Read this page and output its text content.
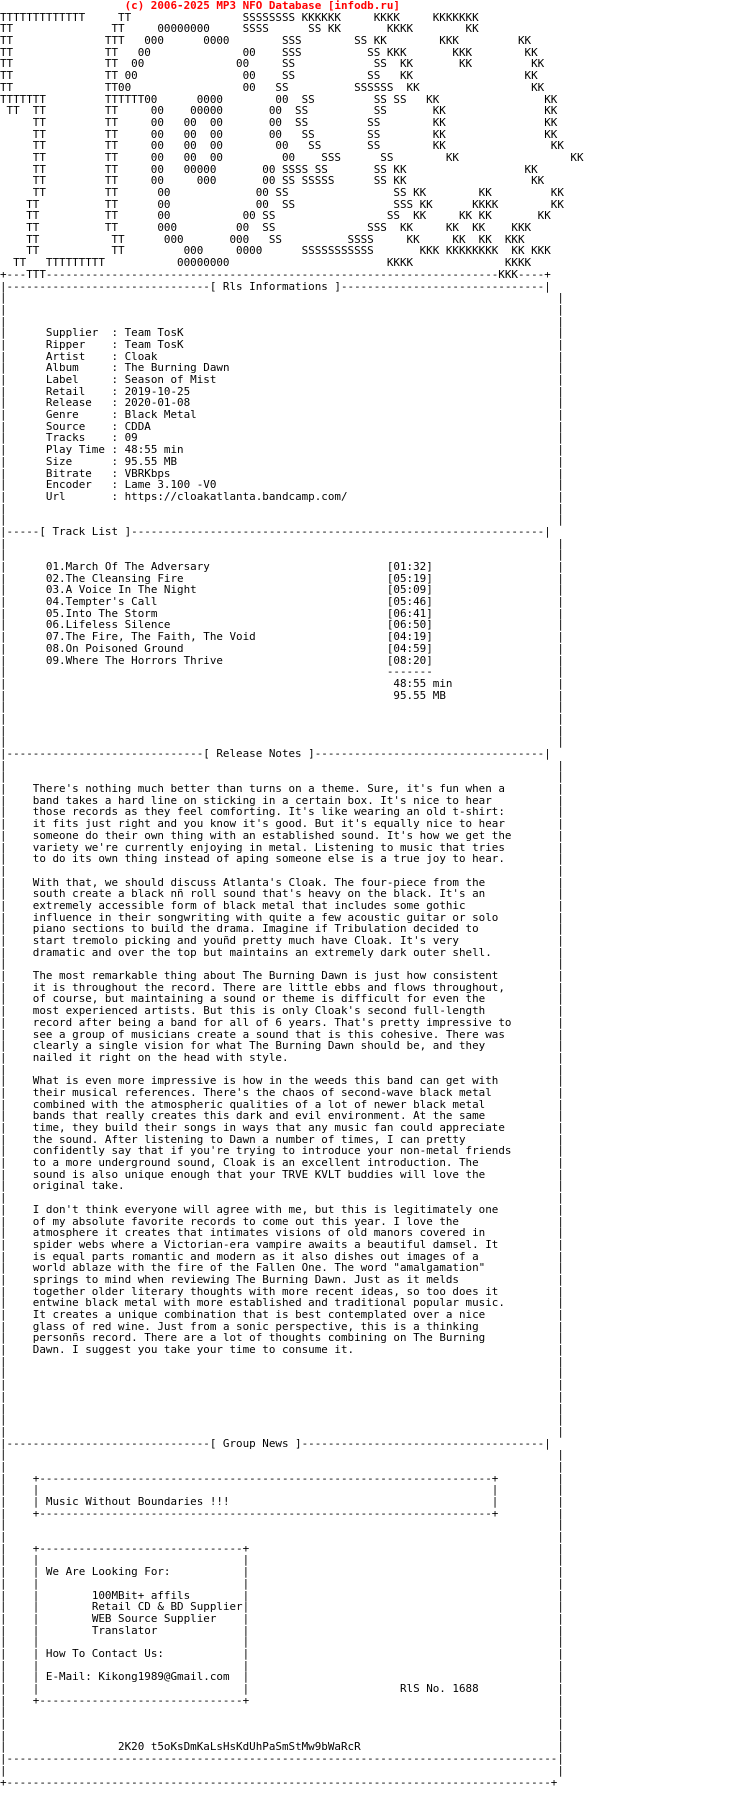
(c) 2006-2025 MP3 NFO Database [infodb.ru]
TTTTTTTTTTTTT     TT                 SSSSSSSS KKKKKK     KKKK     KKKKKKK
TT               TT     00000000     SSSS      SS KK       KKKK        KK
TT              TTT   000      0000        SSS        SS KK        KKK         KK
TT              TT   00              00    SSS          SS KKK       KKK        KK
TT              TT  00              00     SS            SS  KK       KK         KK
TT              TT 00                00    SS           SS   KK                 KK
TT              TT00                 00   SS          SSSSSS  KK                 KK
TTTTTTT         TTTTTT00      0000        00  SS         SS SS   KK                KK
TT  TT         TT     00    00000       00  SS          SS       KK               KK
TT         TT     00   00  00       00  SS         SS        KK               KK
TT         TT     00   00  00       00   SS        SS        KK               KK
TT         TT     00   00  00        00   SS       SS        KK                KK
TT         TT     00   00  00         00    SSS      SS        KK                 KK
TT         TT     00   00000       00 SSSS SS       SS KK                  KK
TT         TT     00     000       00 SS SSSSS      SS KK                   KK
TT         TT      00             00 SS                SS KK        KK         KK
TT          TT      00             00  SS               SSS KK      KKKK        KK
TT          TT      00           00 SS                 SS  KK     KK KK       KK
TT          TT      000         00  SS              SSS  KK     KK  KK    KKK
TT           TT      000       000   SS          SSSS     KK     KK  KK  KKK
TT           TT         000     0000      SSSSSSSSSSS       KKK KKKKKKKK  KK KKK
TT   TTTTTTTTT           00000000                        KKKK              KKKK
+---TTT---------------------------------------------------------------------KKK----+
|-------------------------------[ Rls Informations ]-------------------------------|
|                                                                                    |
|                                                                                    |
|                                                                                    |
|	Supplier  : Team TosK                                                         |
|	Ripper    : Team TosK                                                         |
|	Artist    : Cloak                                                             |
|	Album     : The Burning Dawn                                                  |
|	Label     : Season of Mist                                                    |
|	Retail    : 2019-10-25                                                        |
|	Release   : 2020-01-08                                                        |
|	Genre     : Black Metal                                                       |
|	Source    : CDDA                                                              |
|	Tracks    : 09                                                                |
|	Play Time : 48:55 min                                                         |
|	Size      : 95.55 MB                                                          |
|	Bitrate   : VBRKbps                                                           |
|	Encoder   : Lame 3.100 -V0                                                    |
|	Url       : https://cloakatlanta.bandcamp.com/                                |
|                                                                                    |
|                                                                                    |
|-----[ Track List ]---------------------------------------------------------------|
|                                                                                    |
|                                                                                    |
|	01.March Of The Adversary	[01:32]                   |
|	02.The Cleansing Fire	[05:19]                   |
|	03.A Voice In The Night	[05:09]                   |
|	04.Tempter's Call	[05:46]                   |
|	05.Into The Storm	[06:41]                   |
|	06.Lifeless Silence	[06:50]                   |
|	07.The Fire, The Faith, The Void	[04:19]                   |
|	08.On Poisoned Ground	[04:59]                   |
|	09.Where The Horrors Thrive	[08:20]                   |
|	-------                   |
|	48:55 min                |
|	95.55 MB                 |
|                                                                                    |
|                                                                                    |
|                                                                                    |
|                                                                                    |
|------------------------------[ Release Notes ]-----------------------------------|
|                                                                                    |
|                                                                                    |
| There's nothing much better than turns on a theme. Sure, it's fun when a        |
| band takes a hard line on sticking in a certain box. It's nice to hear          |
| those records as they feel comforting. It's like wearing an old t-shirt:        |
| it fits just right and you know it's good. But it's equally nice to hear        |
| someone do their own thing with an established sound. It's how we get the       |
| variety we're currently enjoying in metal. Listening to music that tries        |
| to do its own thing instead of aping someone else is a true joy to hear.        |
|                                                                                    |
| With that, we should discuss Atlanta's Cloak. The four-piece from the           |
| south create a black nñ roll sound that's heavy on the black. It's an           |
| extremely accessible form of black metal that includes some gothic              |
| influence in their songwriting with quite a few acoustic guitar or solo         |
| piano sections to build the drama. Imagine if Tribulation decided to            |
| start tremolo picking and youñd pretty much have Cloak. It's very               |
| dramatic and over the top but maintains an extremely dark outer shell.          |
|                                                                                    |
| The most remarkable thing about The Burning Dawn is just how consistent         |
| it is throughout the record. There are little ebbs and flows throughout,        |
| of course, but maintaining a sound or theme is difficult for even the           |
| most experienced artists. But this is only Cloak's second full-length           |
| record after being a band for all of 6 years. That's pretty impressive to       |
| see a group of musicians create a sound that is this cohesive. There was        |
| clearly a single vision for what The Burning Dawn should be, and they           |
| nailed it right on the head with style.                                         |
|                                                                                    |
| What is even more impressive is how in the weeds this band can get with         |
| their musical references. There's the chaos of second-wave black metal          |
| combined with the atmospheric qualities of a lot of newer black metal           |
| bands that really creates this dark and evil environment. At the same           |
| time, they build their songs in ways that any music fan could appreciate        |
| the sound. After listening to Dawn a number of times, I can pretty              |
| confidently say that if you're trying to introduce your non-metal friends       |
| to a more underground sound, Cloak is an excellent introduction. The            |
| sound is also unique enough that your TRVE KVLT buddies will love the           |
| original take.                                                                  |
|                                                                                    |
| I don't think everyone will agree with me, but this is legitimately one         |
| of my absolute favorite records to come out this year. I love the               |
| atmosphere it creates that intimates visions of old manors covered in           |
| spider webs where a Victorian-era vampire awaits a beautiful damsel. It         |
| is equal parts romantic and modern as it also dishes out images of a            |
| world ablaze with the fire of the Fallen One. The word "amalgamation"           |
| springs to mind when reviewing The Burning Dawn. Just as it melds               |
| together older literary thoughts with more recent ideas, so too does it         |
| entwine black metal with more established and traditional popular music.        |
| It creates a unique combination that is best contemplated over a nice           |
| glass of red wine. Just from a sonic perspective, this is a thinking            |
| personñs record. There are a lot of thoughts combining on The Burning           |
| Dawn. I suggest you take your time to consume it.                               |
|                                                                                    |
|                                                                                    |
|                                                                                    |
|                                                                                    |
|                                                                                    |
|                                                                                    |
|                                                                                    |
|-------------------------------[ Group News ]-------------------------------------|
|                                                                                    |
|                                                                                    |
|    +---------------------------------------------------------------------+         |
|    |                                                                     |         |
|    | Music Without Boundaries !!!                                        |         |
|    +---------------------------------------------------------------------+         |
|                                                                                    |
|                                                                                    |
|    +-------------------------------+                                               |
|    |                               |                                               |
|    | We Are Looking For:           |                                               |
|    |                               |                                               |
|    |	100MBit+ affils        |                                               |
|    |	Retail CD & BD Supplier|                                               |
|    |	WEB Source Supplier    |                                               |
|    |	Translator             |                                               |
|    |                               |                                               |
|    | How To Contact Us:            |                                               |
|    |                               |                                               |
|    | E-Mail: Kikong1989@Gmail.com  |                                               |
|    |                               |                       RlS No. 1688            |
|    +-------------------------------+                                               |
|                                                                                    |
|                                                                                    |
|                                                                                    |
|	2K20 t5oKsDmKaLsHsKdUhPaSmStMw9bWaRcR                              |
|------------------------------------------------------------------------------------|
|                                                                                    |
+-----------------------------------------------------------------------------------+
